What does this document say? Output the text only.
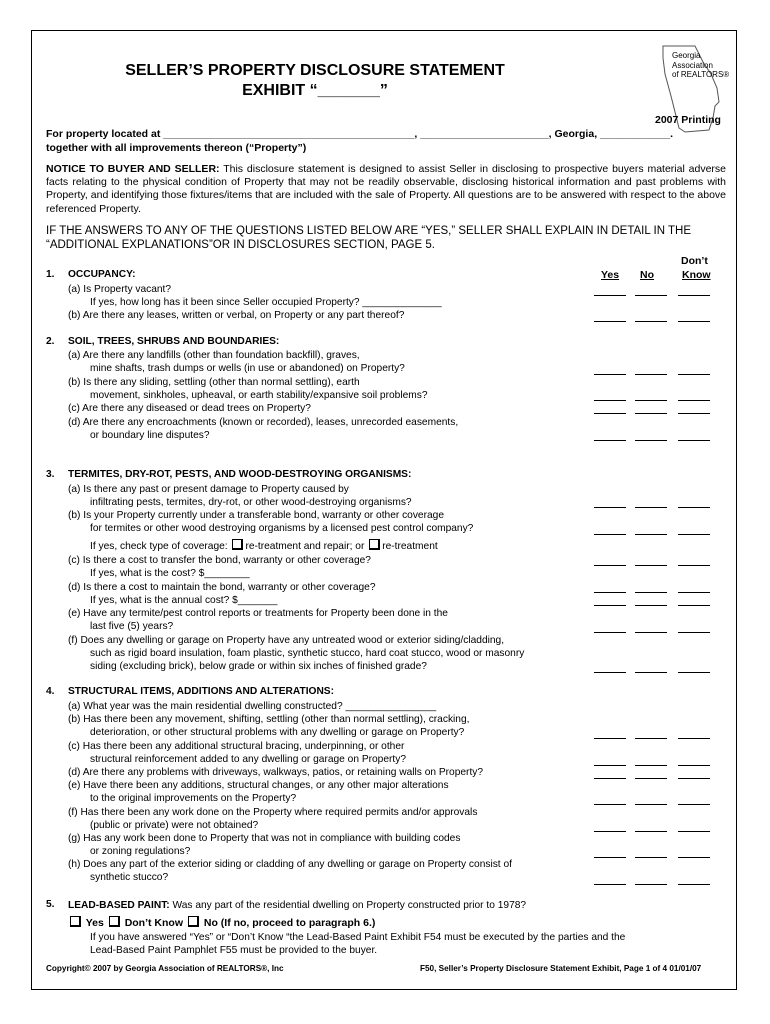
SELLER’S PROPERTY DISCLOSURE STATEMENT
EXHIBIT “_______”
Georgia
Association
of REALTORS®
2007 Printing
For property located at ___________________________________________, ______________________, Georgia, ____________.
together with all improvements thereon (“Property”)
NOTICE TO BUYER AND SELLER: This disclosure statement is designed to assist Seller in disclosing to prospective buyers material adverse facts relating to the physical condition of Property that may not be readily observable, disclosing historical information and past problems with Property, and identifying those fixtures/items that are included with the sale of Property. All questions are to be answered with respect to the above referenced Property.
IF THE ANSWERS TO ANY OF THE QUESTIONS LISTED BELOW ARE “YES,” SELLER SHALL EXPLAIN IN DETAIL IN THE “ADDITIONAL EXPLANATIONS”OR IN DISCLOSURES SECTION, PAGE 5.
Don’t
Yes No	Know
1. OCCUPANCY:
(a) Is Property vacant?
If yes, how long has it been since Seller occupied Property? ______________
(b) Are there any leases, written or verbal, on Property or any part thereof?
2. SOIL, TREES, SHRUBS AND BOUNDARIES:
(a) Are there any landfills (other than foundation backfill), graves,
mine shafts, trash dumps or wells (in use or abandoned) on Property?
(b) Is there any sliding, settling (other than normal settling), earth
movement, sinkholes, upheaval, or earth stability/expansive soil problems?
(c) Are there any diseased or dead trees on Property?
(d) Are there any encroachments (known or recorded), leases, unrecorded easements,
or boundary line disputes?
3. TERMITES, DRY-ROT, PESTS, AND WOOD-DESTROYING ORGANISMS:
(a) Is there any past or present damage to Property caused by
infiltrating pests, termites, dry-rot, or other wood-destroying organisms?
(b) Is your Property currently under a transferable bond, warranty or other coverage
for termites or other wood destroying organisms by a licensed pest control company?
If yes, check type of coverage: re-treatment and repair; or re-treatment
(c) Is there a cost to transfer the bond, warranty or other coverage?
If yes, what is the cost? $________
(d) Is there a cost to maintain the bond, warranty or other coverage?
If yes, what is the annual cost? $_______
(e) Have any termite/pest control reports or treatments for Property been done in the
last five (5) years?
(f) Does any dwelling or garage on Property have any untreated wood or exterior siding/cladding,
such as rigid board insulation, foam plastic, synthetic stucco, hard coat stucco, wood or masonry
siding (excluding brick), below grade or within six inches of finished grade?
4. STRUCTURAL ITEMS, ADDITIONS AND ALTERATIONS:
(a) What year was the main residential dwelling constructed? ________________
(b) Has there been any movement, shifting, settling (other than normal settling), cracking,
deterioration, or other structural problems with any dwelling or garage on Property?
(c) Has there been any additional structural bracing, underpinning, or other
structural reinforcement added to any dwelling or garage on Property?
(d) Are there any problems with driveways, walkways, patios, or retaining walls on Property?
(e) Have there been any additions, structural changes, or any other major alterations
to the original improvements on the Property?
(f) Has there been any work done on the Property where required permits and/or approvals
(public or private) were not obtained?
(g) Has any work been done to Property that was not in compliance with building codes
or zoning regulations?
(h) Does any part of the exterior siding or cladding of any dwelling or garage on Property consist of
synthetic stucco?
5. LEAD-BASED PAINT: Was any part of the residential dwelling on Property constructed prior to 1978?
Yes Don’t Know No (If no, proceed to paragraph 6.)
If you have answered “Yes” or “Don’t Know “the Lead-Based Paint Exhibit F54 must be executed by the parties and the
Lead-Based Paint Pamphlet F55 must be provided to the buyer.
Copyright© 2007 by Georgia Association of REALTORS®, Inc	F50, Seller’s Property Disclosure Statement Exhibit, Page 1 of 4 01/01/07
